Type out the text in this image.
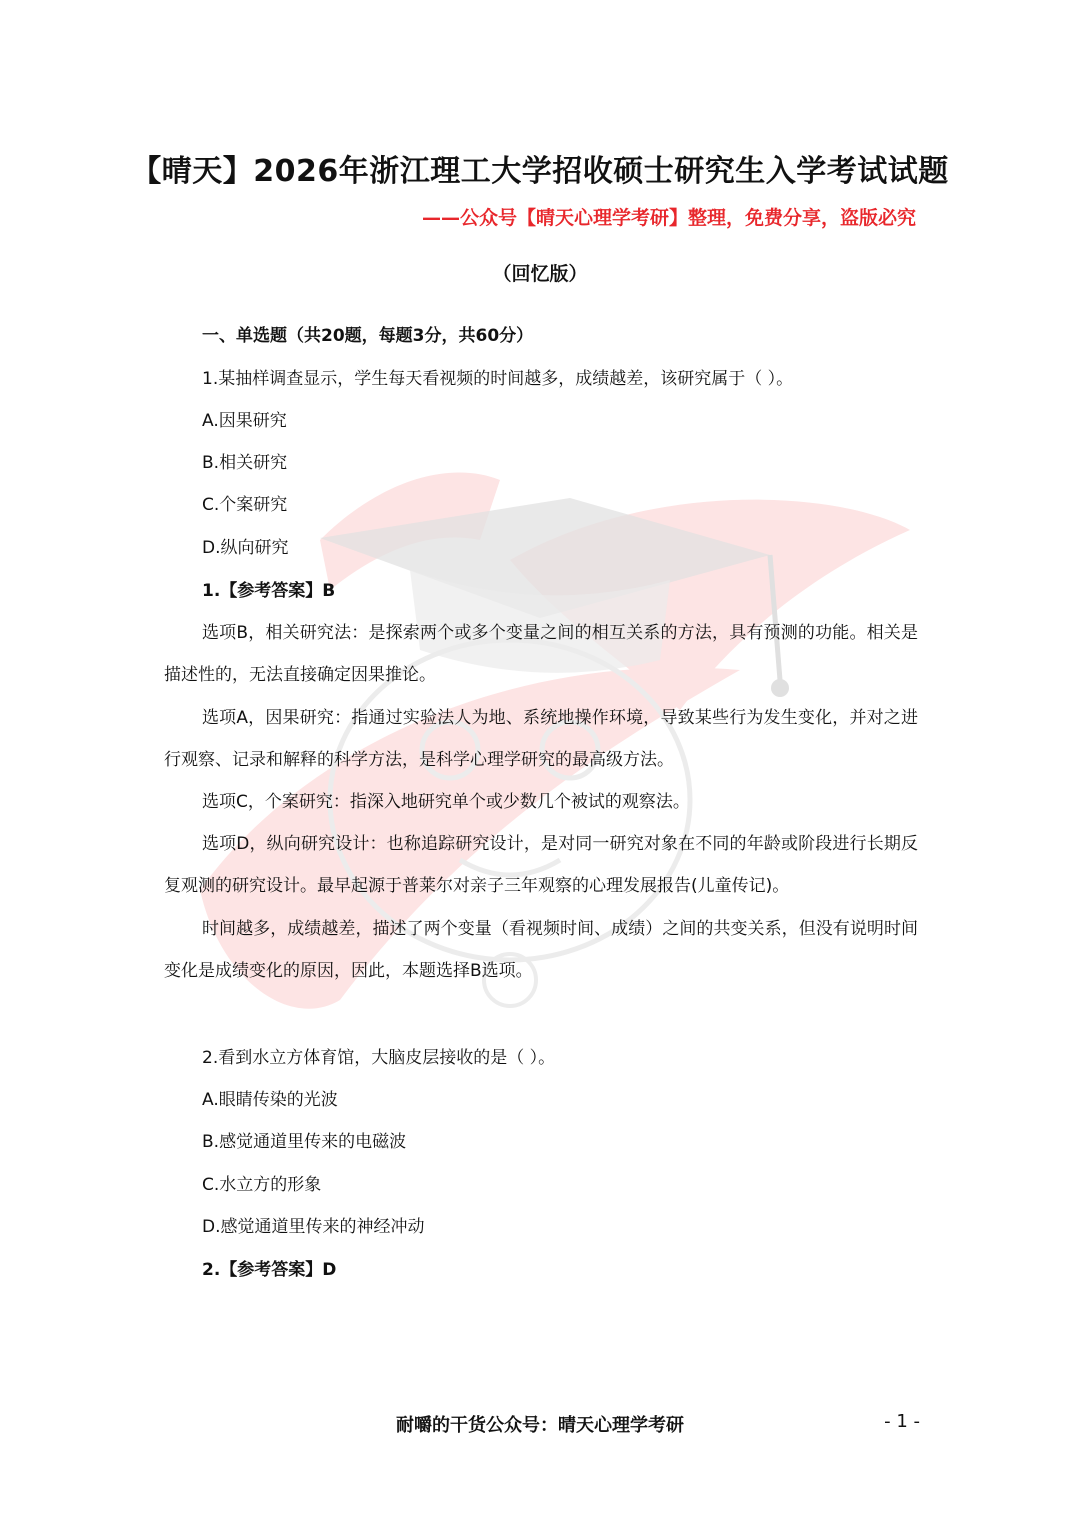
【晴天】2026年浙江理工大学招收硕士研究生入学考试试题
——公众号【晴天心理学考研】整理，免费分享，盗版必究
（回忆版）
一、单选题（共20题，每题3分，共60分）
1.某抽样调查显示，学生每天看视频的时间越多，成绩越差，该研究属于（ ）。
A.因果研究
B.相关研究
C.个案研究
D.纵向研究
1.【参考答案】B
选项B，相关研究法：是探索两个或多个变量之间的相互关系的方法，具有预测的功能。相关是描述性的，无法直接确定因果推论。
选项A，因果研究：指通过实验法人为地、系统地操作环境，导致某些行为发生变化，并对之进行观察、记录和解释的科学方法，是科学心理学研究的最高级方法。
选项C，个案研究：指深入地研究单个或少数几个被试的观察法。
选项D，纵向研究设计：也称追踪研究设计，是对同一研究对象在不同的年龄或阶段进行长期反复观测的研究设计。最早起源于普莱尔对亲子三年观察的心理发展报告(儿童传记)。
时间越多，成绩越差，描述了两个变量（看视频时间、成绩）之间的共变关系，但没有说明时间变化是成绩变化的原因，因此，本题选择B选项。
2.看到水立方体育馆，大脑皮层接收的是（ ）。
A.眼睛传染的光波
B.感觉通道里传来的电磁波
C.水立方的形象
D.感觉通道里传来的神经冲动
2.【参考答案】D
耐嚼的干货公众号：晴天心理学考研	- 1 -
